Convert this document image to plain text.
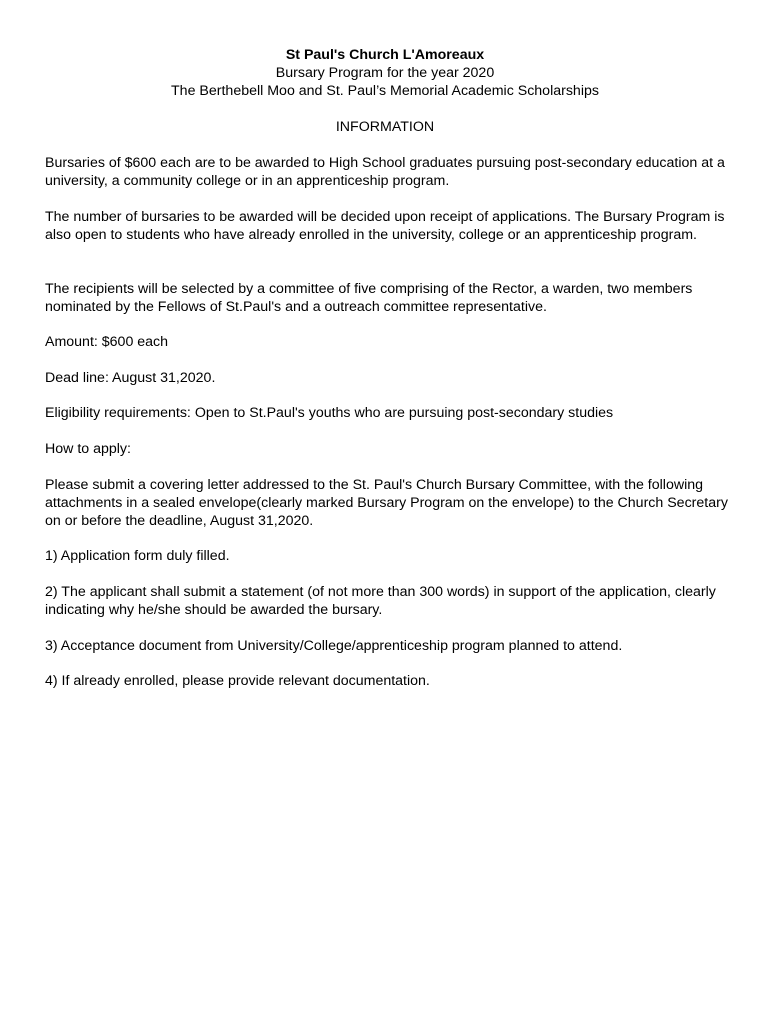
St Paul's Church L'Amoreaux
Bursary Program for the year 2020
The Berthebell Moo and St. Paul’s Memorial Academic Scholarships
INFORMATION

Bursaries of $600 each are to be awarded to High School graduates pursuing post-secondary education at a university, a community college or in an apprenticeship program.

The number of bursaries to be awarded will be decided upon receipt of applications. The Bursary Program is also open to students who have already enrolled in the university, college or an apprenticeship program.

The recipients will be selected by a committee of five comprising of the Rector, a warden, two members nominated by the Fellows of St.Paul's and a outreach committee representative.

Amount: $600 each

Dead line: August 31,2020.

Eligibility requirements: Open to St.Paul's youths who are pursuing post-secondary studies

How to apply:

Please submit a covering letter addressed to the St. Paul's Church Bursary Committee, with the following attachments in a sealed envelope(clearly marked Bursary Program on the envelope) to the Church Secretary on or before the deadline, August 31,2020.

1) Application form duly filled.

2) The applicant shall submit a statement (of not more than 300 words) in support of the application, clearly indicating why he/she should be awarded the bursary.

3) Acceptance document from University/College/apprenticeship program planned to attend.

4) If already enrolled, please provide relevant documentation.
